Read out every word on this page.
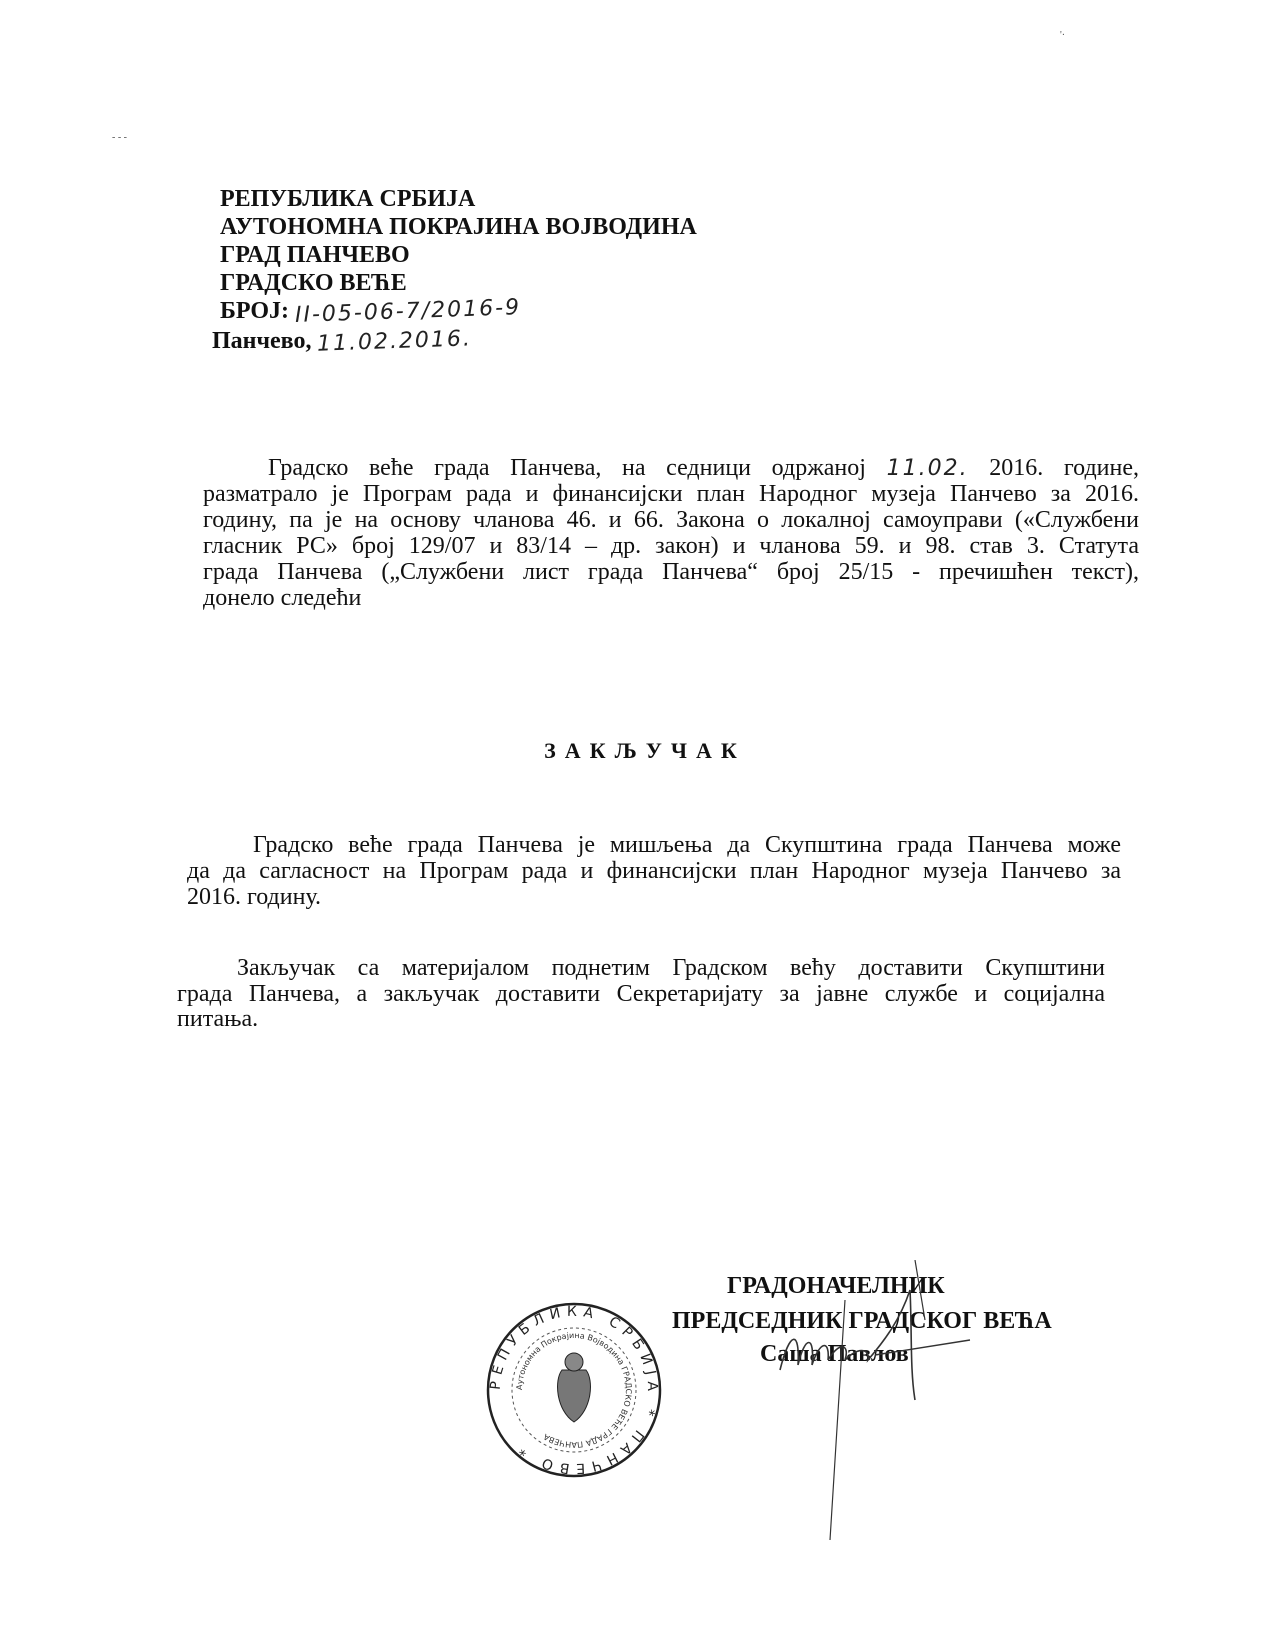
'·
- - -
РЕПУБЛИКА СРБИЈА
АУТОНОМНА ПОКРАЈИНА ВОЈВОДИНА
ГРАД ПАНЧЕВО
ГРАДСКО ВЕЋЕ
БРОЈ: II-05-06-7/2016-9
Панчево, 11.02.2016.
Градско веће града Панчева, на седници одржаној 11.02. 2016. године,
разматрало је Програм рада и финансијски план Народног музеја Панчево за 2016.
годину, па је на основу чланова 46. и 66. Закона о локалној самоуправи («Службени
гласник РС» број 129/07 и 83/14 – др. закон) и чланова 59. и 98. став 3. Статута
града Панчева („Службени лист града Панчева“ број 25/15 - пречишћен текст),
донело следећи
ЗАКЉУЧАК
Градско веће града Панчева је мишљења да Скупштина града Панчева може
да да сагласност на Програм рада и финансијски план Народног музеја Панчево за
2016. годину.
Закључак са материјалом поднетим Градском већу доставити Скупштини
града Панчева, а закључак доставити Секретаријату за јавне службе и социјална
питања.
ГРАДОНАЧЕЛНИК
ПРЕДСЕДНИК ГРАДСКОГ ВЕЋА
Саша Павлов
РЕПУБЛИКА СРБИЈА * ПАНЧЕВО *
Аутономна Покрајина Војводина ГРАДСКО ВЕЋЕ ГРАДА ПАНЧЕВА
